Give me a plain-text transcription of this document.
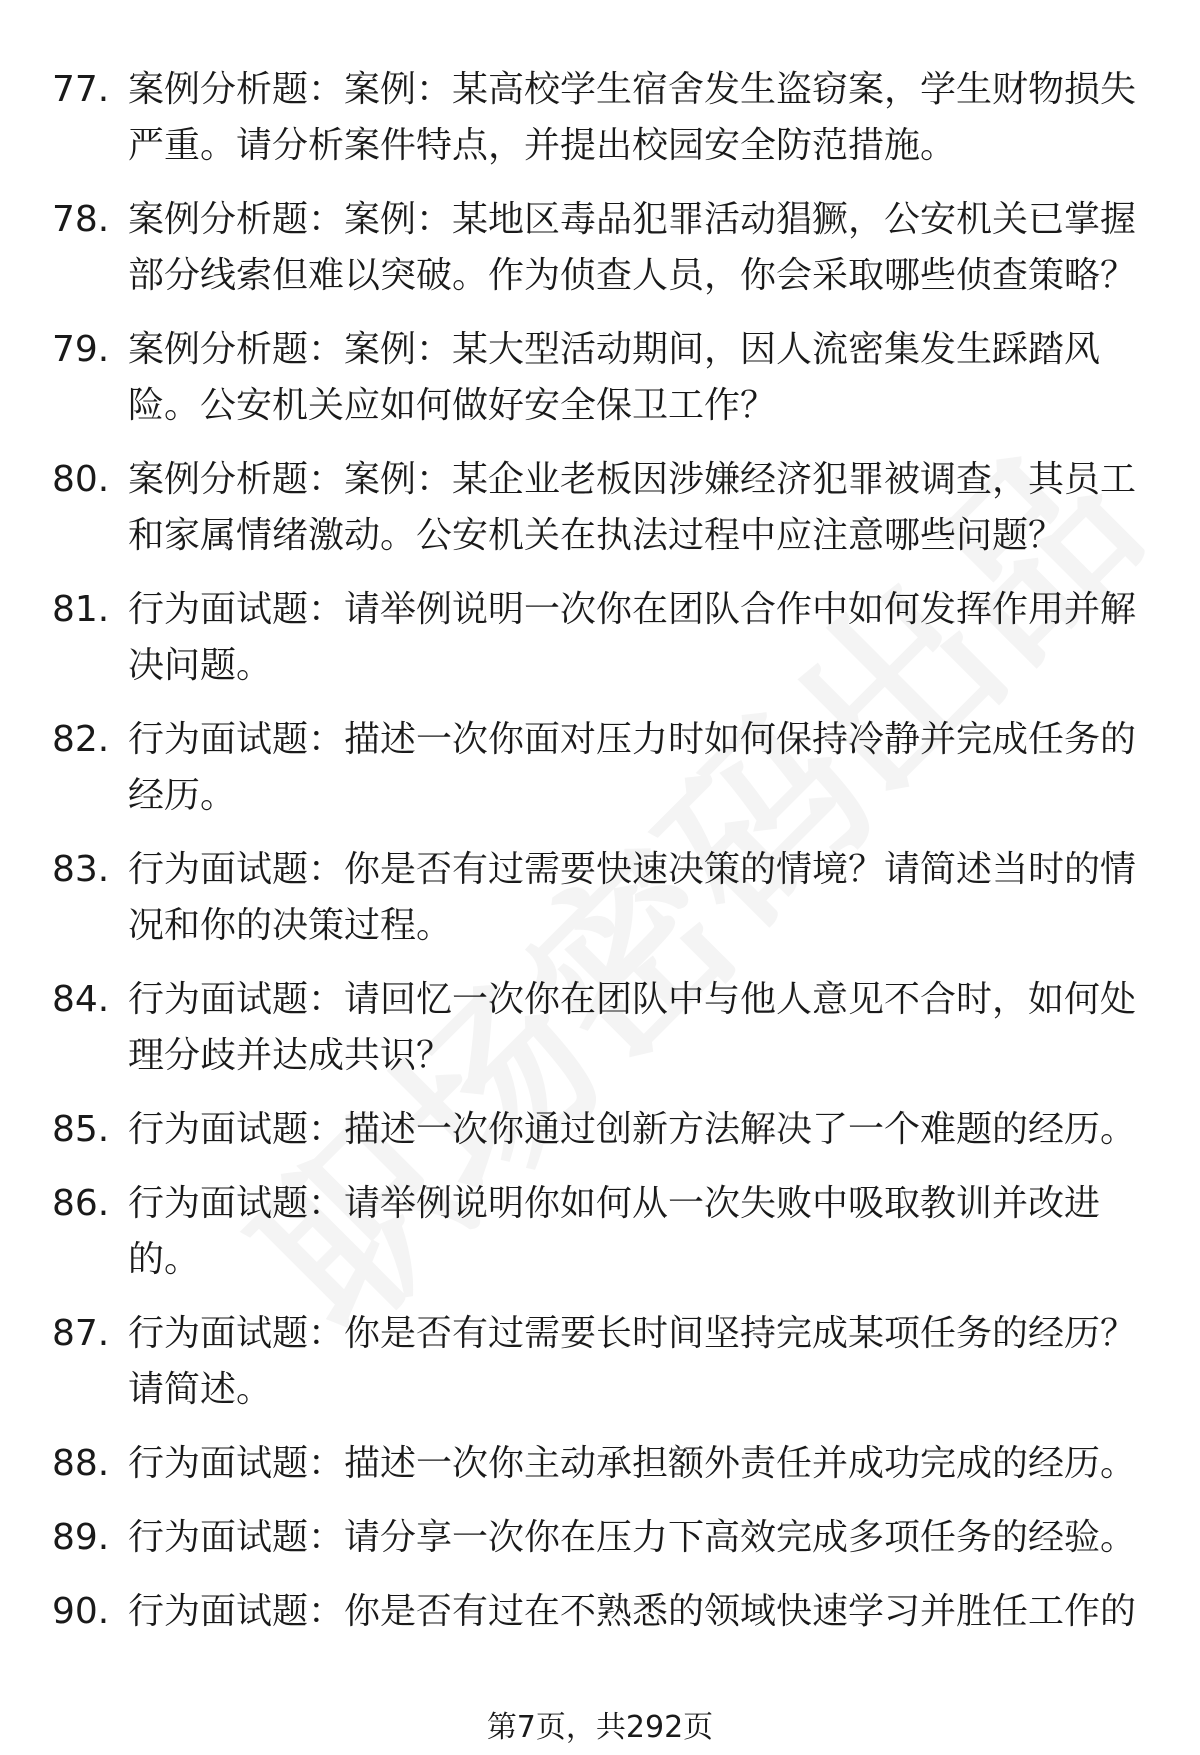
77. 案例分析题：案例：某高校学生宿舍发生盗窃案，学生财物损失严重。请分析案件特点，并提出校园安全防范措施。
78. 案例分析题：案例：某地区毒品犯罪活动猖獗，公安机关已掌握部分线索但难以突破。作为侦查人员，你会采取哪些侦查策略？
79. 案例分析题：案例：某大型活动期间，因人流密集发生踩踏风险。公安机关应如何做好安全保卫工作？
80. 案例分析题：案例：某企业老板因涉嫌经济犯罪被调查，其员工和家属情绪激动。公安机关在执法过程中应注意哪些问题？
81. 行为面试题：请举例说明一次你在团队合作中如何发挥作用并解决问题。
82. 行为面试题：描述一次你面对压力时如何保持冷静并完成任务的经历。
83. 行为面试题：你是否有过需要快速决策的情境？请简述当时的情况和你的决策过程。
84. 行为面试题：请回忆一次你在团队中与他人意见不合时，如何处理分歧并达成共识？
85. 行为面试题：描述一次你通过创新方法解决了一个难题的经历。
86. 行为面试题：请举例说明你如何从一次失败中吸取教训并改进的。
87. 行为面试题：你是否有过需要长时间坚持完成某项任务的经历？请简述。
88. 行为面试题：描述一次你主动承担额外责任并成功完成的经历。
89. 行为面试题：请分享一次你在压力下高效完成多项任务的经验。
90. 行为面试题：你是否有过在不熟悉的领域快速学习并胜任工作的
第7页，共292页
